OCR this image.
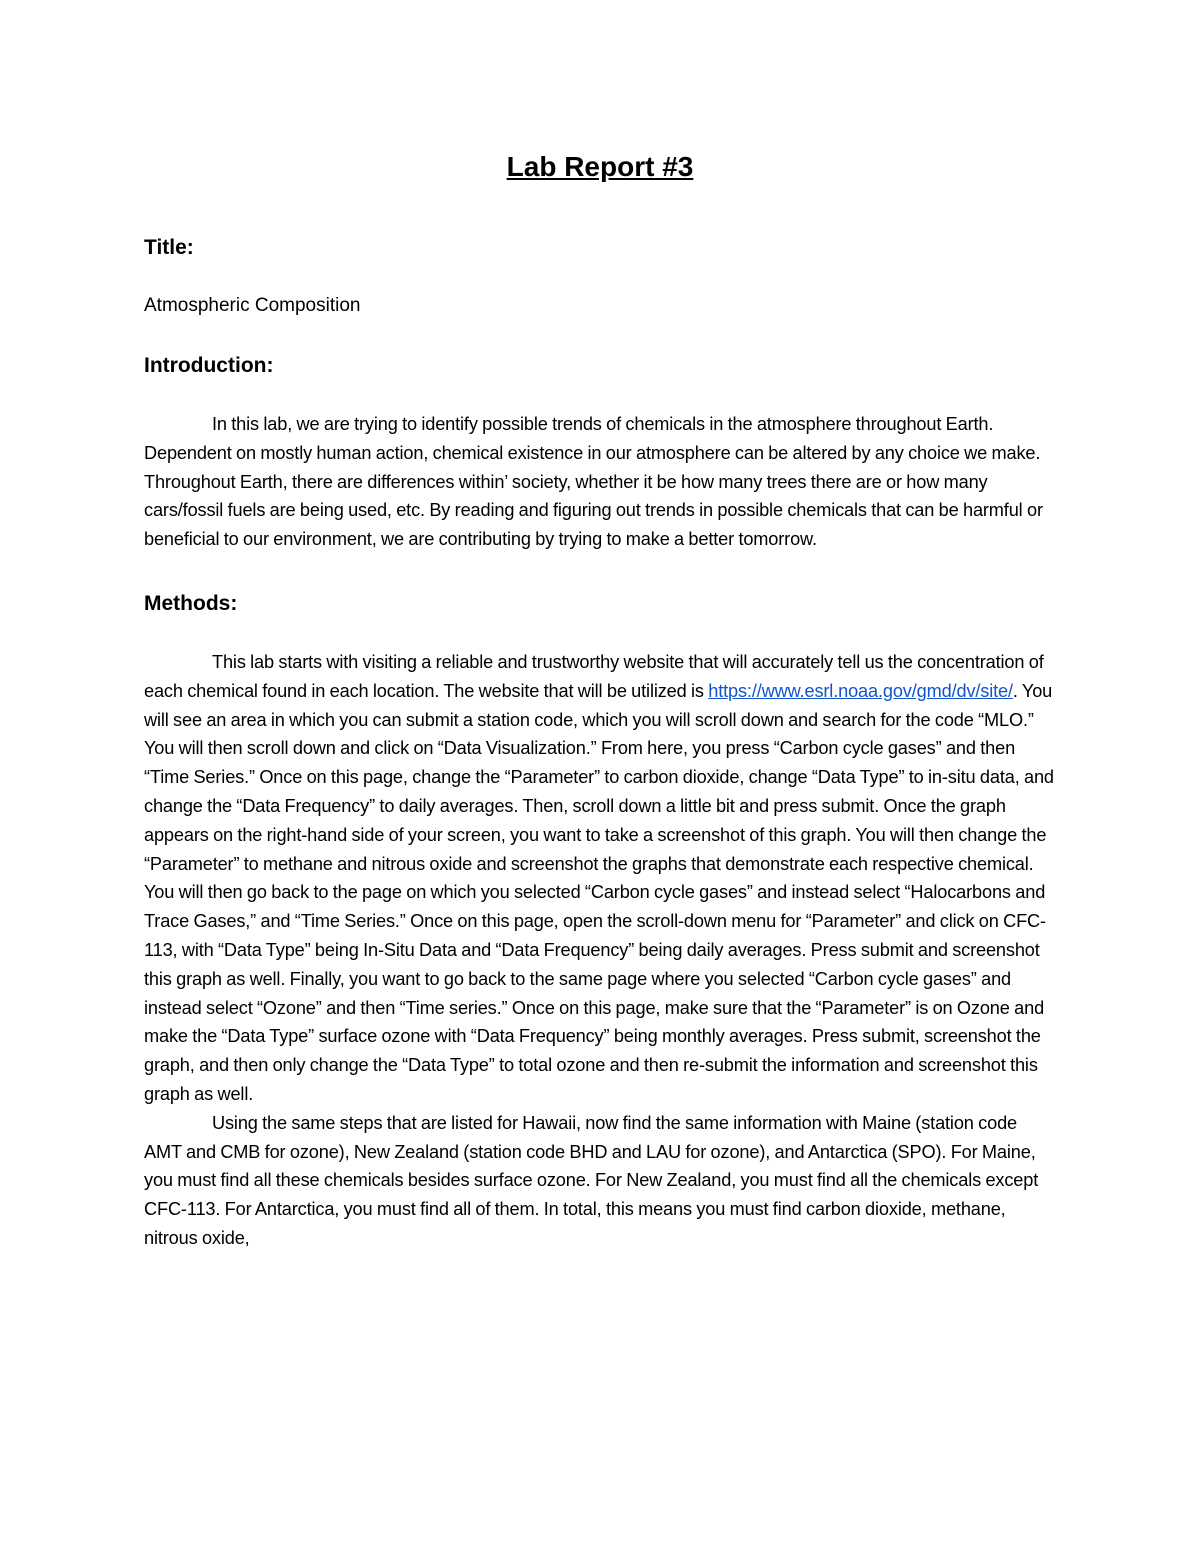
Lab Report #3
Title:
Atmospheric Composition
Introduction:

In this lab, we are trying to identify possible trends of chemicals in the atmosphere throughout Earth. Dependent on mostly human action, chemical existence in our atmosphere can be altered by any choice we make. Throughout Earth, there are differences within’ society, whether it be how many trees there are or how many cars/fossil fuels are being used, etc. By reading and figuring out trends in possible chemicals that can be harmful or beneficial to our environment, we are contributing by trying to make a better tomorrow.

Methods:

This lab starts with visiting a reliable and trustworthy website that will accurately tell us the concentration of each chemical found in each location. The website that will be utilized is https://www.esrl.noaa.gov/gmd/dv/site/. You will see an area in which you can submit a station code, which you will scroll down and search for the code “MLO.” You will then scroll down and click on “Data Visualization.” From here, you press “Carbon cycle gases” and then “Time Series.” Once on this page, change the “Parameter” to carbon dioxide, change “Data Type” to in-situ data, and change the “Data Frequency” to daily averages. Then, scroll down a little bit and press submit. Once the graph appears on the right-hand side of your screen, you want to take a screenshot of this graph. You will then change the “Parameter” to methane and nitrous oxide and screenshot the graphs that demonstrate each respective chemical. You will then go back to the page on which you selected “Carbon cycle gases” and instead select “Halocarbons and Trace Gases,” and “Time Series.” Once on this page, open the scroll-down menu for “Parameter” and click on CFC-113, with “Data Type” being In-Situ Data and “Data Frequency” being daily averages. Press submit and screenshot this graph as well. Finally, you want to go back to the same page where you selected “Carbon cycle gases” and instead select “Ozone” and then “Time series.” Once on this page, make sure that the “Parameter” is on Ozone and make the “Data Type” surface ozone with “Data Frequency” being monthly averages. Press submit, screenshot the graph, and then only change the “Data Type” to total ozone and then re-submit the information and screenshot this graph as well.

Using the same steps that are listed for Hawaii, now find the same information with Maine (station code AMT and CMB for ozone), New Zealand (station code BHD and LAU for ozone), and Antarctica (SPO). For Maine, you must find all these chemicals besides surface ozone. For New Zealand, you must find all the chemicals except CFC-113. For Antarctica, you must find all of them. In total, this means you must find carbon dioxide, methane, nitrous oxide,
